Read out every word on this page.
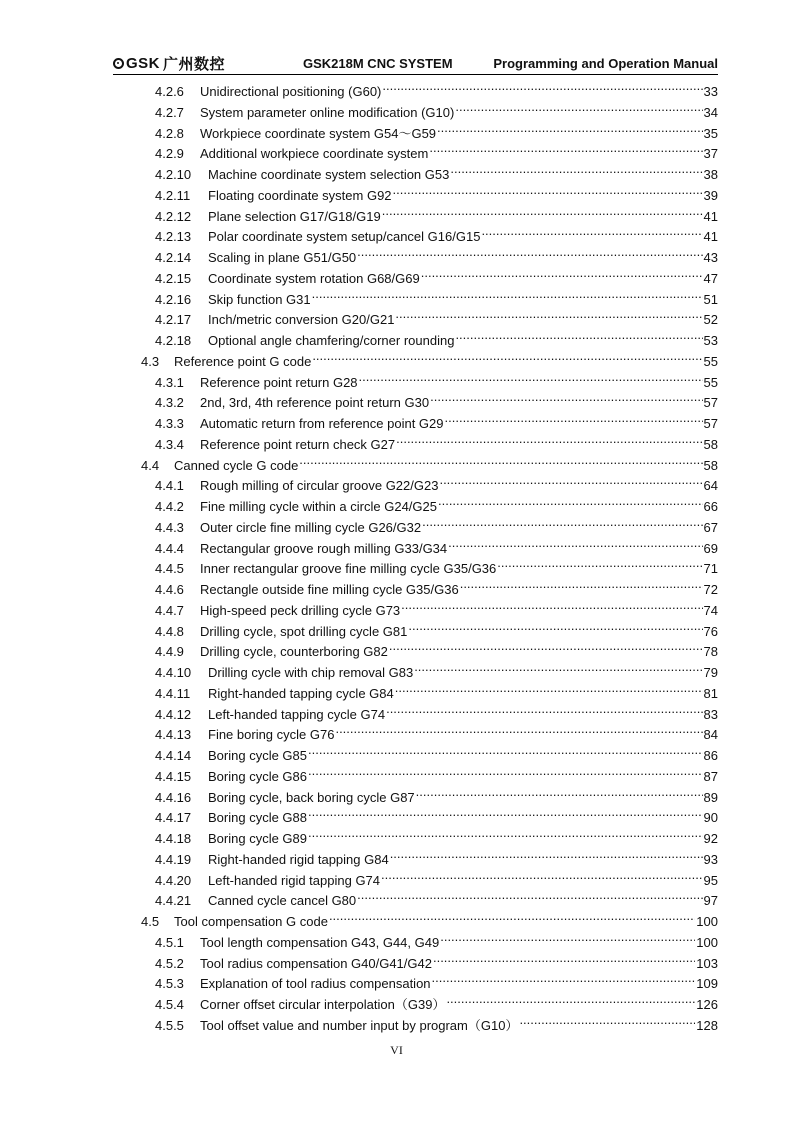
GSK 广州数控	GSK218M CNC SYSTEM	Programming and Operation Manual
4.2.6	Unidirectional positioning (G60) .....	33
4.2.7	System parameter online modification (G10) .....	34
4.2.8	Workpiece coordinate system G54～G59 .....	35
4.2.9	Additional workpiece coordinate system .....	37
4.2.10	Machine coordinate system selection G53 .....	38
4.2.11	Floating coordinate system G92 .....	39
4.2.12	Plane selection G17/G18/G19 .....	41
4.2.13	Polar coordinate system setup/cancel G16/G15 .....	41
4.2.14	Scaling in plane G51/G50 .....	43
4.2.15	Coordinate system rotation G68/G69 .....	47
4.2.16	Skip function G31 .....	51
4.2.17	Inch/metric conversion G20/G21 .....	52
4.2.18	Optional angle chamfering/corner rounding .....	53
4.3	Reference point G code .....	55
4.3.1	Reference point return G28 .....	55
4.3.2	2nd, 3rd, 4th reference point return G30 .....	57
4.3.3	Automatic return from reference point G29 .....	57
4.3.4	Reference point return check G27 .....	58
4.4	Canned cycle G code .....	58
4.4.1	Rough milling of circular groove G22/G23 .....	64
4.4.2	Fine milling cycle within a circle G24/G25 .....	66
4.4.3	Outer circle fine milling cycle G26/G32 .....	67
4.4.4	Rectangular groove rough milling G33/G34 .....	69
4.4.5	Inner rectangular groove fine milling cycle G35/G36 .....	71
4.4.6	Rectangle outside fine milling cycle G35/G36 .....	72
4.4.7	High-speed peck drilling cycle G73 .....	74
4.4.8	Drilling cycle, spot drilling cycle G81 .....	76
4.4.9	Drilling cycle, counterboring G82 .....	78
4.4.10	Drilling cycle with chip removal G83 .....	79
4.4.11	Right-handed tapping cycle G84 .....	81
4.4.12	Left-handed tapping cycle G74 .....	83
4.4.13	Fine boring cycle G76 .....	84
4.4.14	Boring cycle G85 .....	86
4.4.15	Boring cycle G86 .....	87
4.4.16	Boring cycle, back boring cycle G87 .....	89
4.4.17	Boring cycle G88 .....	90
4.4.18	Boring cycle G89 .....	92
4.4.19	Right-handed rigid tapping G84 .....	93
4.4.20	Left-handed rigid tapping G74 .....	95
4.4.21	Canned cycle cancel G80 .....	97
4.5	Tool compensation G code .....	100
4.5.1	Tool length compensation G43, G44, G49 .....	100
4.5.2	Tool radius compensation G40/G41/G42 .....	103
4.5.3	Explanation of tool radius compensation .....	109
4.5.4	Corner offset circular interpolation（G39） .....	126
4.5.5	Tool offset value and number input by program（G10） .....	128
VI
